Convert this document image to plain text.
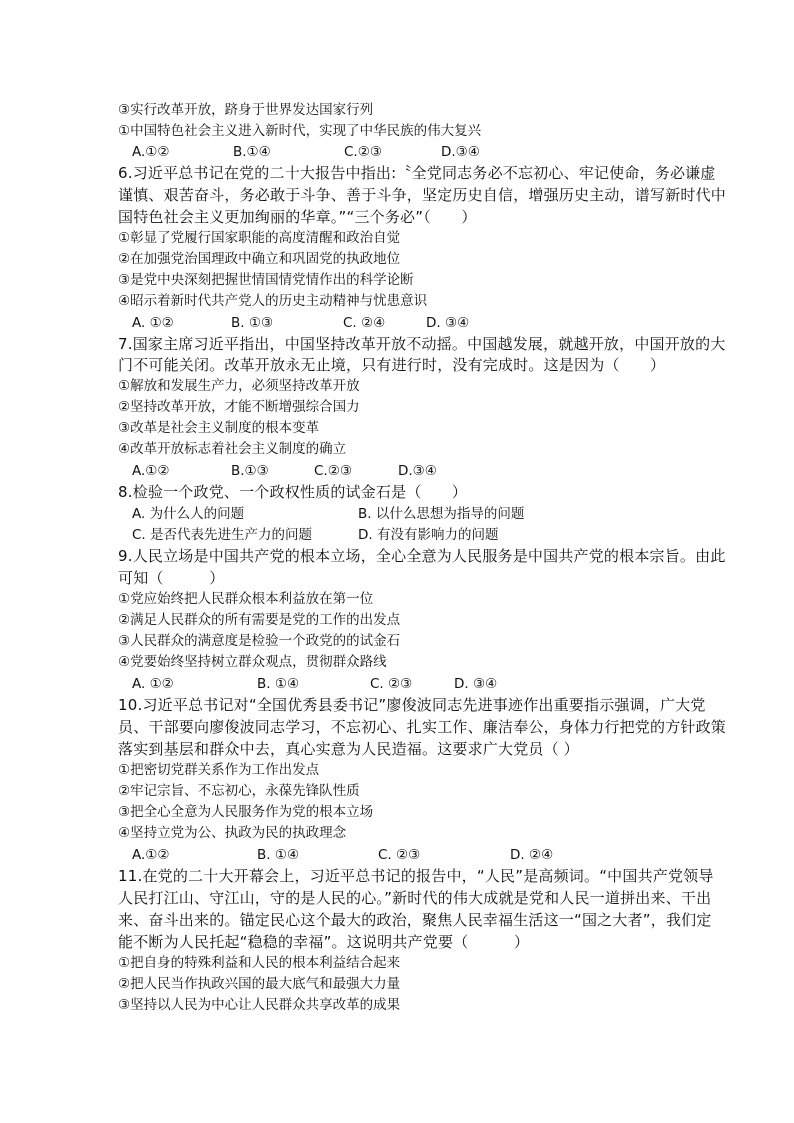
③实行改革开放，跻身于世界发达国家行列
①中国特色社会主义进入新时代，实现了中华民族的伟大复兴
A.①②	B.①④	C.②③	D.③④
6.习近平总书记在党的二十大报告中指出:〝全党同志务必不忘初心、牢记使命，务必谦虚
谨慎、艰苦奋斗，务必敢于斗争、善于斗争，坚定历史自信，增强历史主动，谱写新时代中
国特色社会主义更加绚丽的华章。”“三个务必”（　　）
①彰显了党履行国家职能的高度清醒和政治自觉
②在加强党治国理政中确立和巩固党的执政地位
③是党中央深刻把握世情国情党情作出的科学论断
④昭示着新时代共产党人的历史主动精神与忧患意识
A. ①②	B. ①③	C. ②④	D. ③④
7.国家主席习近平指出，中国坚持改革开放不动摇。中国越发展，就越开放，中国开放的大
门不可能关闭。改革开放永无止境，只有进行时，没有完成时。这是因为（　　）
①解放和发展生产力，必须坚持改革开放
②坚持改革开放，才能不断增强综合国力
③改革是社会主义制度的根本变革
④改革开放标志着社会主义制度的确立
A.①②	B.①③	C.②③	D.③④
8.检验一个政党、一个政权性质的试金石是（　　）
A. 为什么人的问题	B. 以什么思想为指导的问题
C. 是否代表先进生产力的问题	D. 有没有影响力的问题
9.人民立场是中国共产党的根本立场，全心全意为人民服务是中国共产党的根本宗旨。由此
可知（　　　）
①党应始终把人民群众根本利益放在第一位
②满足人民群众的所有需要是党的工作的出发点
③人民群众的满意度是检验一个政党的的试金石
④党要始终坚持树立群众观点，贯彻群众路线
A. ①②	B. ①④	C. ②③	D. ③④
10.习近平总书记对“全国优秀县委书记”廖俊波同志先进事迹作出重要指示强调，广大党
员、干部要向廖俊波同志学习，不忘初心、扎实工作、廉洁奉公，身体力行把党的方针政策
落实到基层和群众中去，真心实意为人民造福。这要求广大党员（ ）
①把密切党群关系作为工作出发点
②牢记宗旨、不忘初心，永葆先锋队性质
③把全心全意为人民服务作为党的根本立场
④坚持立党为公、执政为民的执政理念
A.①②	B. ①④	C. ②③	D. ②④
11.在党的二十大开幕会上，习近平总书记的报告中，“人民”是高频词。“中国共产党领导
人民打江山、守江山，守的是人民的心。”新时代的伟大成就是党和人民一道拼出来、干出
来、奋斗出来的。锚定民心这个最大的政治，聚焦人民幸福生活这一“国之大者”，我们定
能不断为人民托起“稳稳的幸福”。这说明共产党要（　　　）
①把自身的特殊利益和人民的根本利益结合起来
②把人民当作执政兴国的最大底气和最强大力量
③坚持以人民为中心让人民群众共享改革的成果
